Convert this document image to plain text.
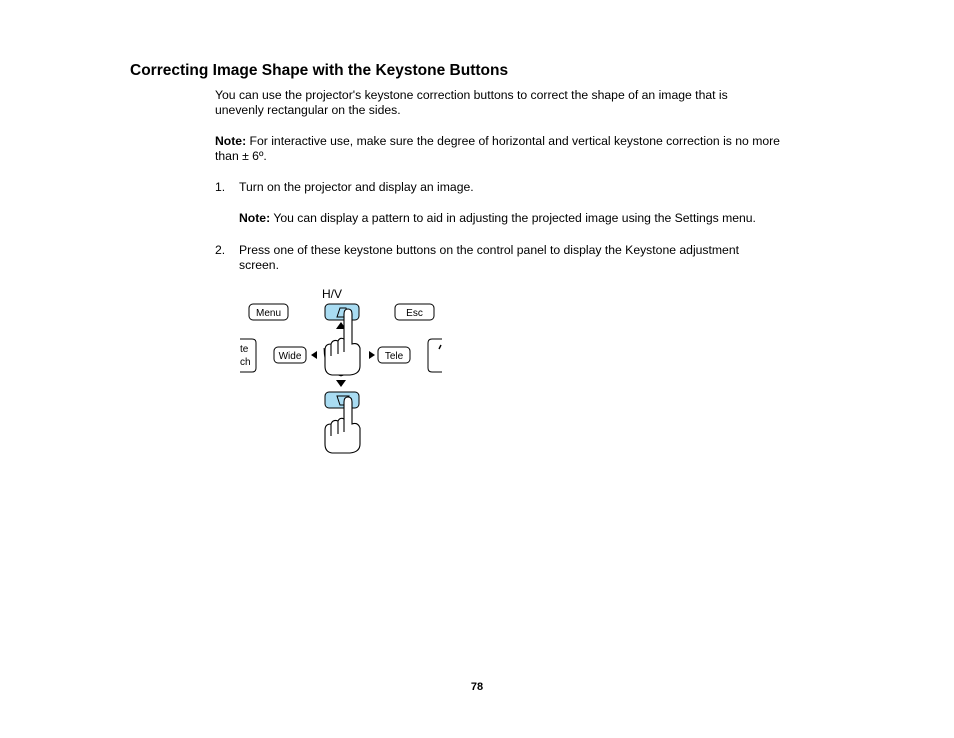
Correcting Image Shape with the Keystone Buttons

You can use the projector's keystone correction buttons to correct the shape of an image that is
unevenly rectangular on the sides.

Note: For interactive use, make sure the degree of horizontal and vertical keystone correction is no more
than ± 6º.

1. Turn on the projector and display an image.

Note: You can display a pattern to aid in adjusting the projected image using the Settings menu.

2. Press one of these keystone buttons on the control panel to display the Keystone adjustment
screen.
H/V
Menu	Esc
te
ch
Wide	Tele
78
